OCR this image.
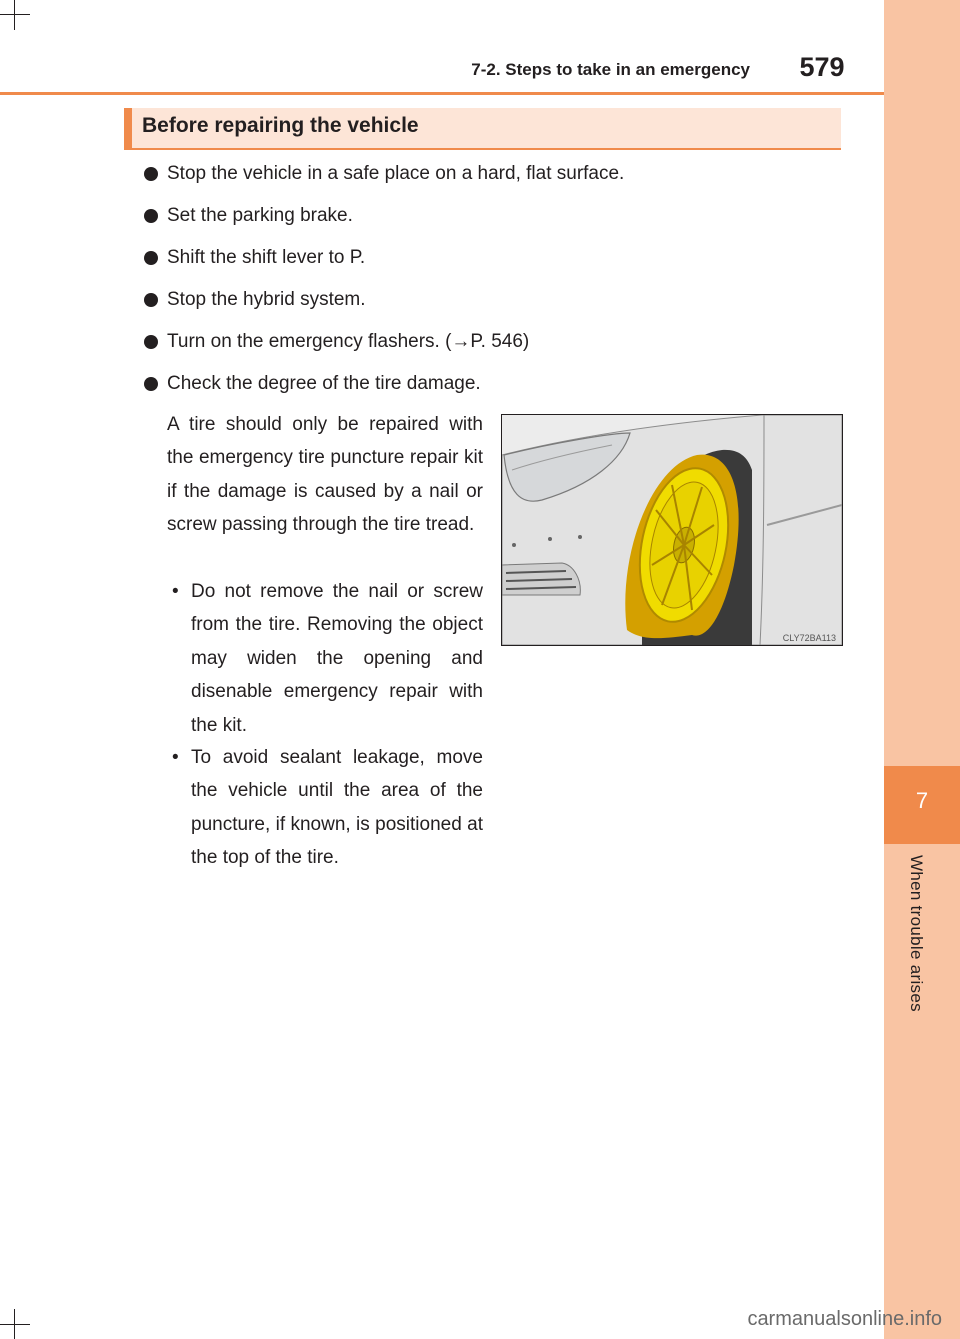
7
When trouble arises
7-2. Steps to take in an emergency	579
Before repairing the vehicle
Stop the vehicle in a safe place on a hard, flat surface.
Set the parking brake.
Shift the shift lever to P.
Stop the hybrid system.
Turn on the emergency flashers. (→P. 546)
Check the degree of the tire damage.
A tire should only be repaired with the emergency tire puncture repair kit if the damage is caused by a nail or screw passing through the tire tread.
• Do not remove the nail or screw from the tire. Removing the object may widen the opening and disenable emergency repair with the kit.
• To avoid sealant leakage, move the vehicle until the area of the puncture, if known, is positioned at the top of the tire.
CLY72BA113
carmanualsonline.info
